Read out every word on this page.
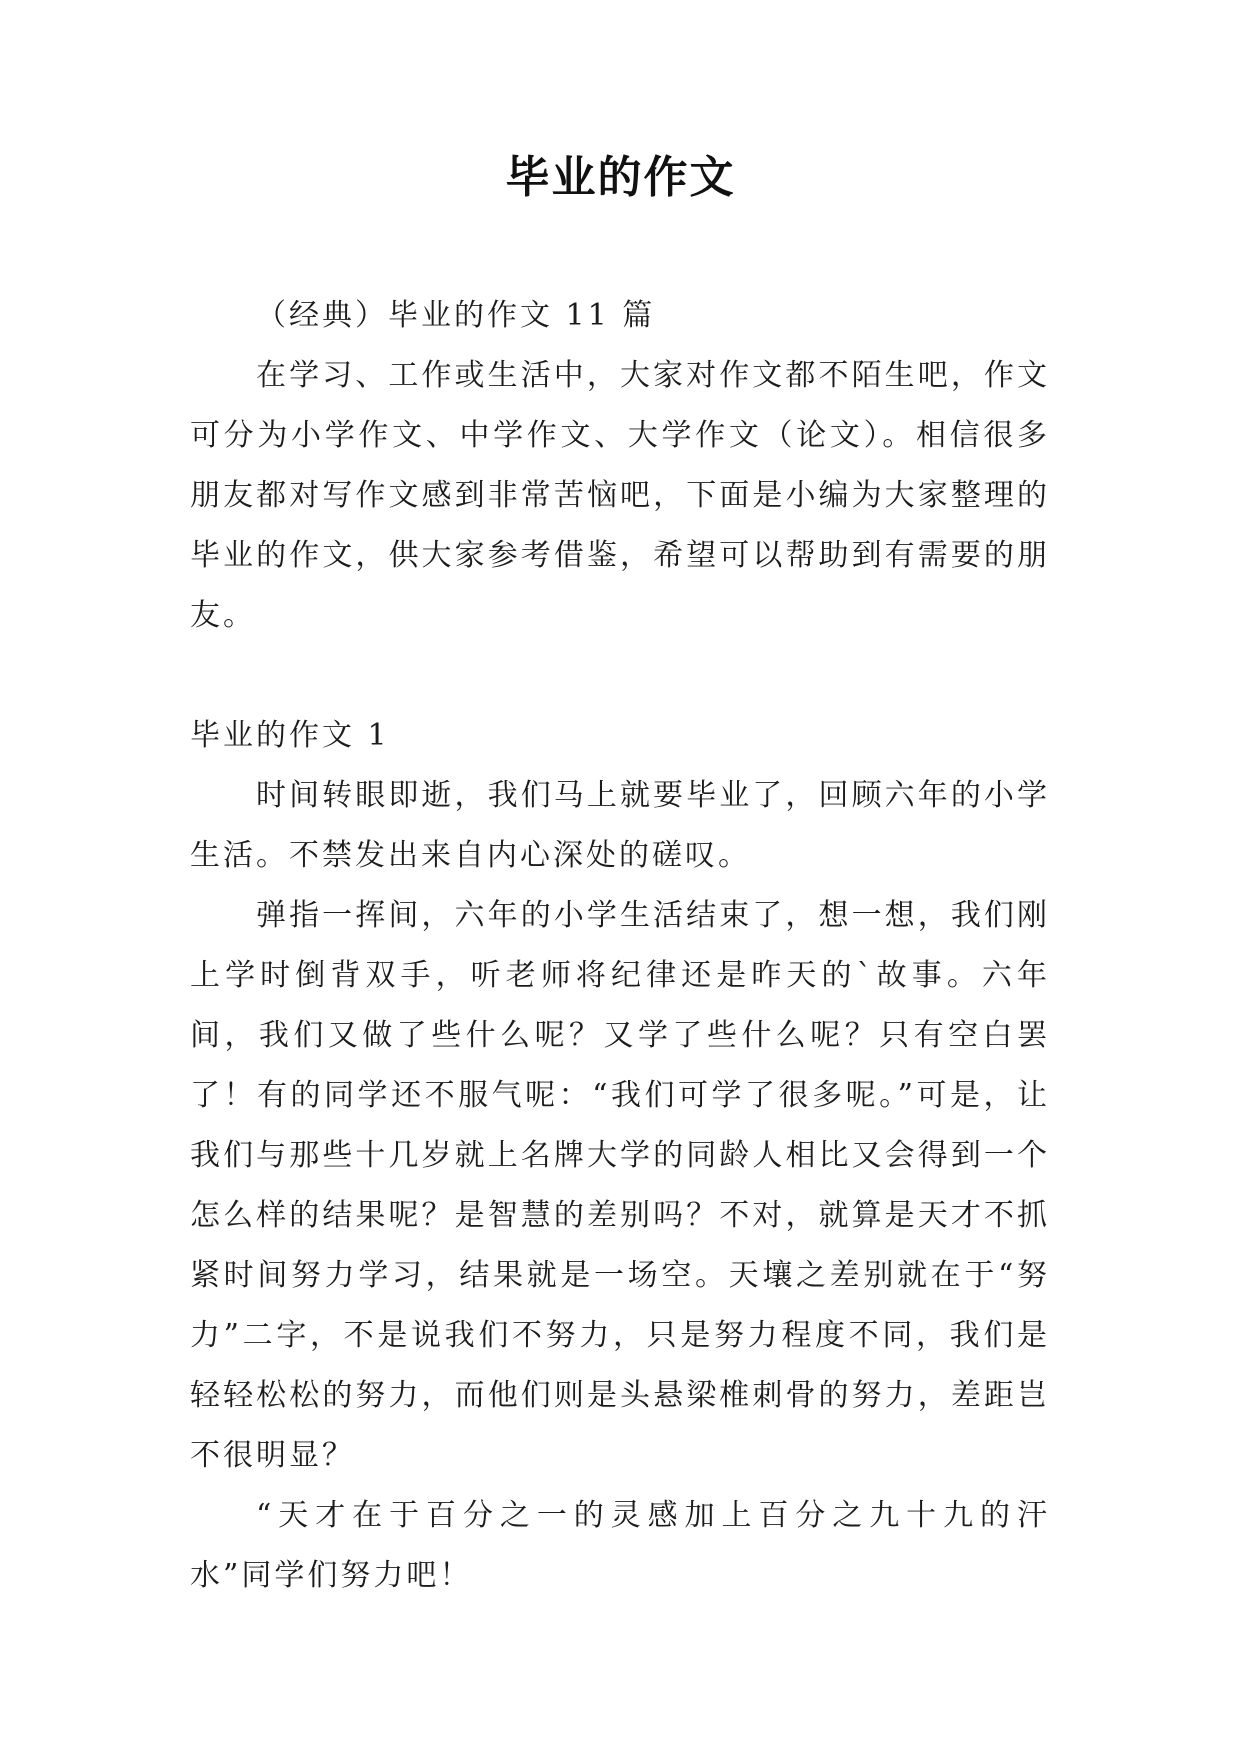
毕业的作文

（经典）毕业的作文 11 篇

在学习、工作或生活中，大家对作文都不陌生吧，作文可分为小学作文、中学作文、大学作文（论文）。相信很多朋友都对写作文感到非常苦恼吧，下面是小编为大家整理的毕业的作文，供大家参考借鉴，希望可以帮助到有需要的朋友。

毕业的作文 1

时间转眼即逝，我们马上就要毕业了，回顾六年的小学生活。不禁发出来自内心深处的磋叹。

弹指一挥间，六年的小学生活结束了，想一想，我们刚上学时倒背双手，听老师将纪律还是昨天的`故事。六年间，我们又做了些什么呢？又学了些什么呢？只有空白罢了！有的同学还不服气呢：“我们可学了很多呢。”可是，让我们与那些十几岁就上名牌大学的同龄人相比又会得到一个怎么样的结果呢？是智慧的差别吗？不对，就算是天才不抓紧时间努力学习，结果就是一场空。天壤之差别就在于“努力”二字，不是说我们不努力，只是努力程度不同，我们是轻轻松松的努力，而他们则是头悬梁椎刺骨的努力，差距岂不很明显？

“天才在于百分之一的灵感加上百分之九十九的汗水”同学们努力吧！
